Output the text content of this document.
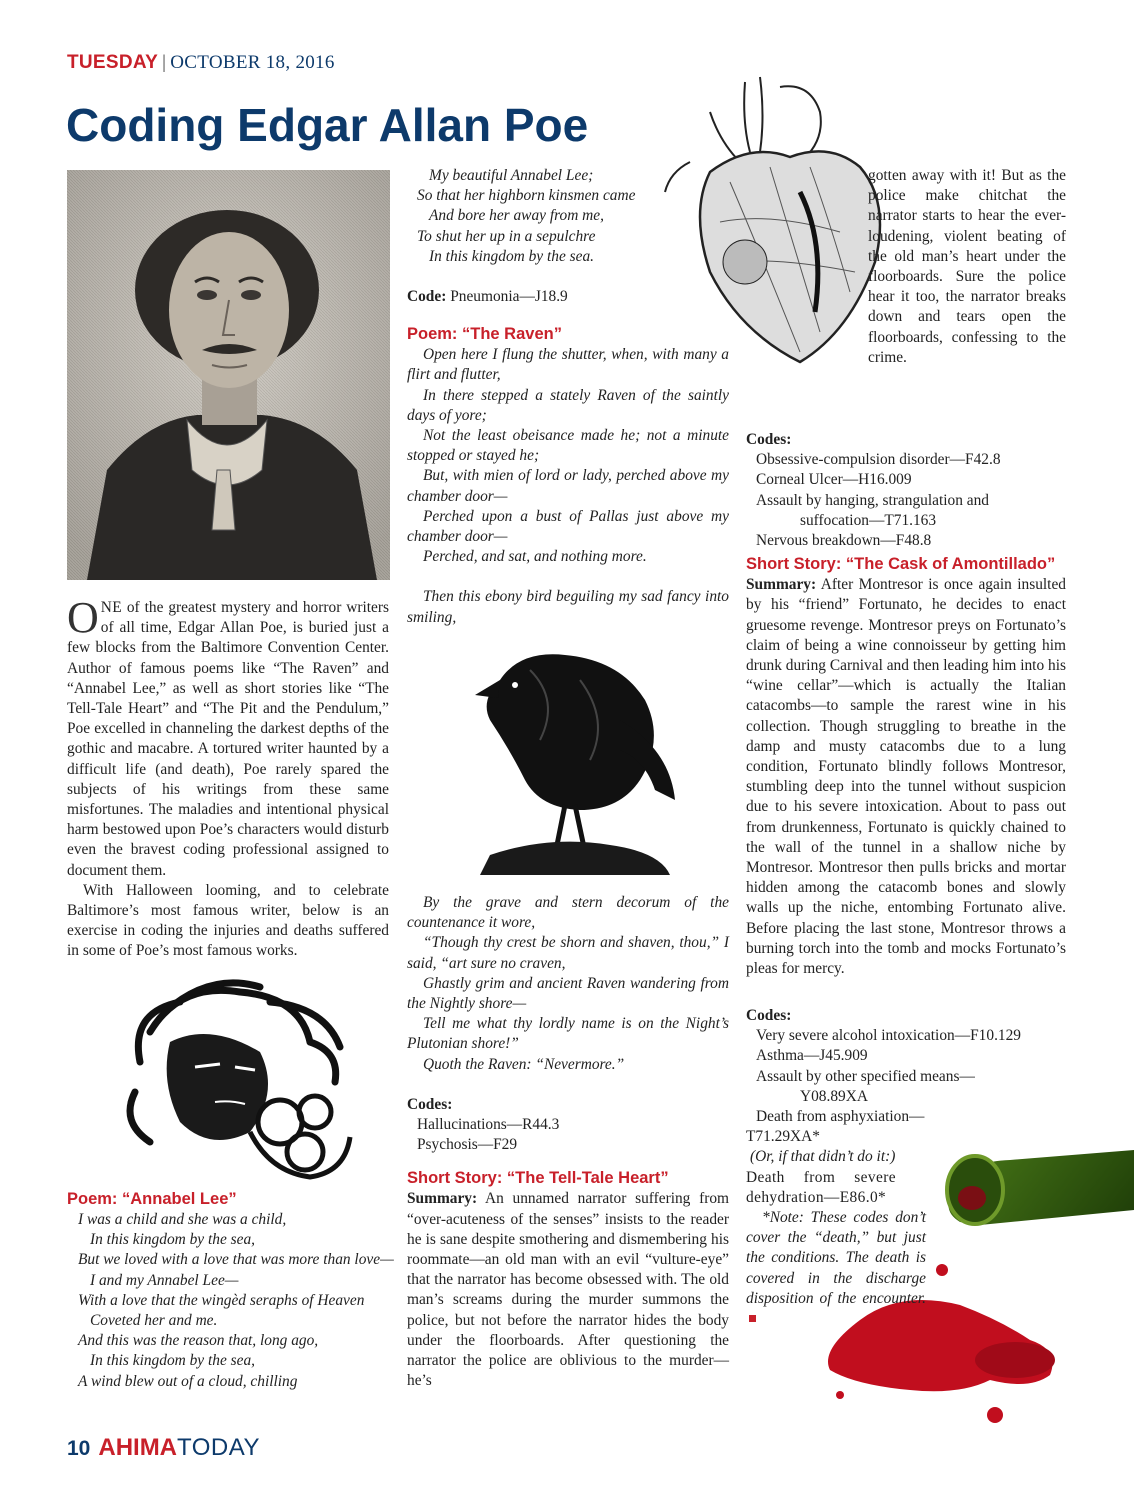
TUESDAY | OCTOBER 18, 2016
Coding Edgar Allan Poe

ONE of the greatest mystery and horror writers of all time, Edgar Allan Poe, is buried just a few blocks from the Baltimore Convention Center. Author of famous poems like “The Raven” and “Annabel Lee,” as well as short stories like “The Tell-Tale Heart” and “The Pit and the Pendulum,” Poe excelled in channeling the darkest depths of the gothic and macabre. A tortured writer haunted by a difficult life (and death), Poe rarely spared the subjects of his writings from these same misfortunes. The maladies and intentional physical harm bestowed upon Poe’s characters would disturb even the bravest coding professional assigned to document them.

With Halloween looming, and to celebrate Baltimore’s most famous writer, below is an exercise in coding the injuries and deaths suffered in some of Poe’s most famous works.

Poem: “Annabel Lee”
I was a child and she was a child,
In this kingdom by the sea,
But we loved with a love that was more than love—
I and my Annabel Lee—
With a love that the wingèd seraphs of Heaven
Coveted her and me.
And this was the reason that, long ago,
In this kingdom by the sea,
A wind blew out of a cloud, chilling
My beautiful Annabel Lee;
So that her highborn kinsmen came
And bore her away from me,
To shut her up in a sepulchre
In this kingdom by the sea.

Code: Pneumonia—J18.9

Poem: “The Raven”

Open here I flung the shutter, when, with many a flirt and flutter,

In there stepped a stately Raven of the saintly days of yore;

Not the least obeisance made he; not a minute stopped or stayed he;

But, with mien of lord or lady, perched above my chamber door—

Perched upon a bust of Pallas just above my chamber door—

Perched, and sat, and nothing more.

Then this ebony bird beguiling my sad fancy into smiling,

By the grave and stern decorum of the countenance it wore,

“Though thy crest be shorn and shaven, thou,” I said, “art sure no craven,

Ghastly grim and ancient Raven wandering from the Nightly shore—

Tell me what thy lordly name is on the Night’s Plutonian shore!”

Quoth the Raven: “Nevermore.”

Codes:

Hallucinations—R44.3
Psychosis—F29
Short Story: “The Tell-Tale Heart”

Summary: An unnamed narrator suffering from “over-acuteness of the senses” insists to the reader he is sane despite smothering and dismembering his roommate—an old man with an evil “vulture-eye” that the narrator has become obsessed with. The old man’s screams during the murder summons the police, but not before the narrator hides the body under the floorboards. After questioning the narrator the police are oblivious to the murder—he’s

gotten away with it! But as the police make chitchat the narrator starts to hear the ever-loudening, violent beating of the old man’s heart under the floorboards. Sure the police hear it too, the narrator breaks down and tears open the floorboards, confessing to the crime.

Codes:

Obsessive-compulsion disorder—F42.8
Corneal Ulcer—H16.009
Assault by hanging, strangulation and
suffocation—T71.163
Nervous breakdown—F48.8
Short Story: “The Cask of Amontillado”

Summary: After Montresor is once again insulted by his “friend” Fortunato, he decides to enact gruesome revenge. Montresor preys on Fortunato’s claim of being a wine connoisseur by getting him drunk during Carnival and then leading him into his “wine cellar”—which is actually the Italian catacombs—to sample the rarest wine in his collection. Though struggling to breathe in the damp and musty catacombs due to a lung condition, Fortunato blindly follows Montresor, stumbling deep into the tunnel without suspicion due to his severe intoxication. About to pass out from drunkenness, Fortunato is quickly chained to the wall of the tunnel in a shallow niche by Montresor. Montresor then pulls bricks and mortar hidden among the catacomb bones and slowly walls up the niche, entombing Fortunato alive. Before placing the last stone, Montresor throws a burning torch into the tomb and mocks Fortunato’s pleas for mercy.

Codes:

Very severe alcohol intoxication—F10.129
Asthma—J45.909
Assault by other specified means—
Y08.89XA
Death from asphyxiation—

T71.29XA*

(Or, if that didn’t do it:)

Death from severe dehydration—E86.0*

*Note: These codes don’t cover the “death,” but just the conditions. The death is covered in the discharge disposition of the encounter.

10 AHIMATODAY
